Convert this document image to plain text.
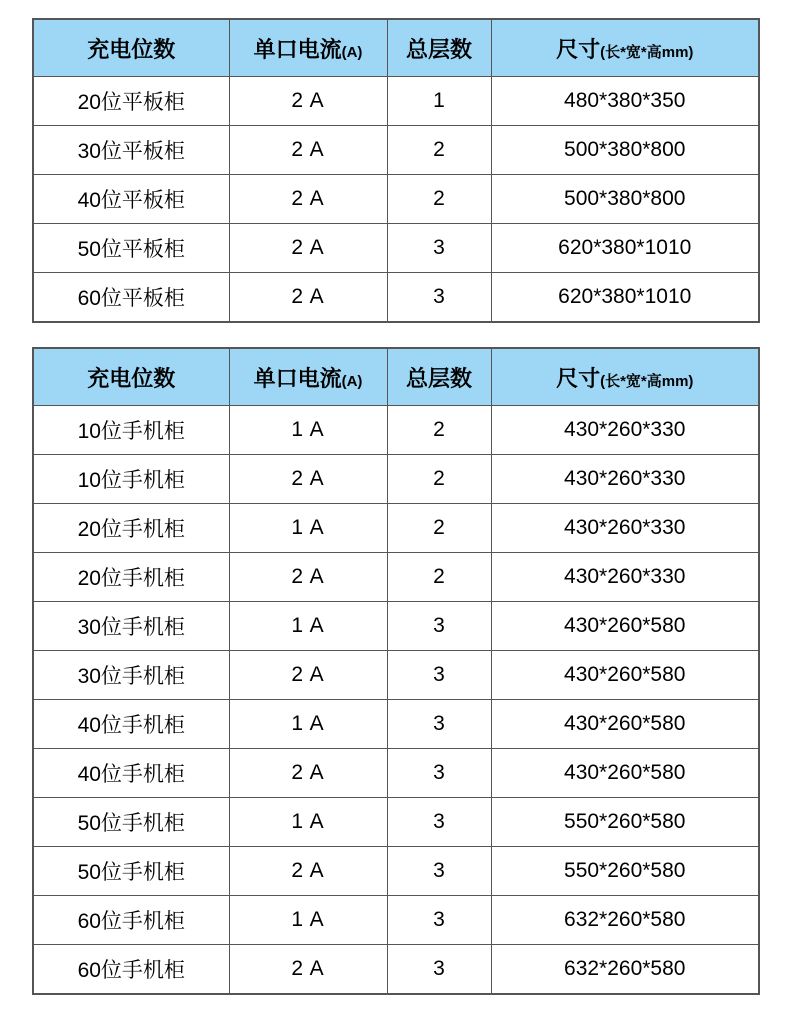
充电位数	单口电流(A)	总层数	尺寸(长*宽*高mm)
20位平板柜	2 A	1	480*380*350
30位平板柜	2 A	2	500*380*800
40位平板柜	2 A	2	500*380*800
50位平板柜	2 A	3	620*380*1010
60位平板柜	2 A	3	620*380*1010
充电位数	单口电流(A)	总层数	尺寸(长*宽*高mm)
10位手机柜	1 A	2	430*260*330
10位手机柜	2 A	2	430*260*330
20位手机柜	1 A	2	430*260*330
20位手机柜	2 A	2	430*260*330
30位手机柜	1 A	3	430*260*580
30位手机柜	2 A	3	430*260*580
40位手机柜	1 A	3	430*260*580
40位手机柜	2 A	3	430*260*580
50位手机柜	1 A	3	550*260*580
50位手机柜	2 A	3	550*260*580
60位手机柜	1 A	3	632*260*580
60位手机柜	2 A	3	632*260*580
